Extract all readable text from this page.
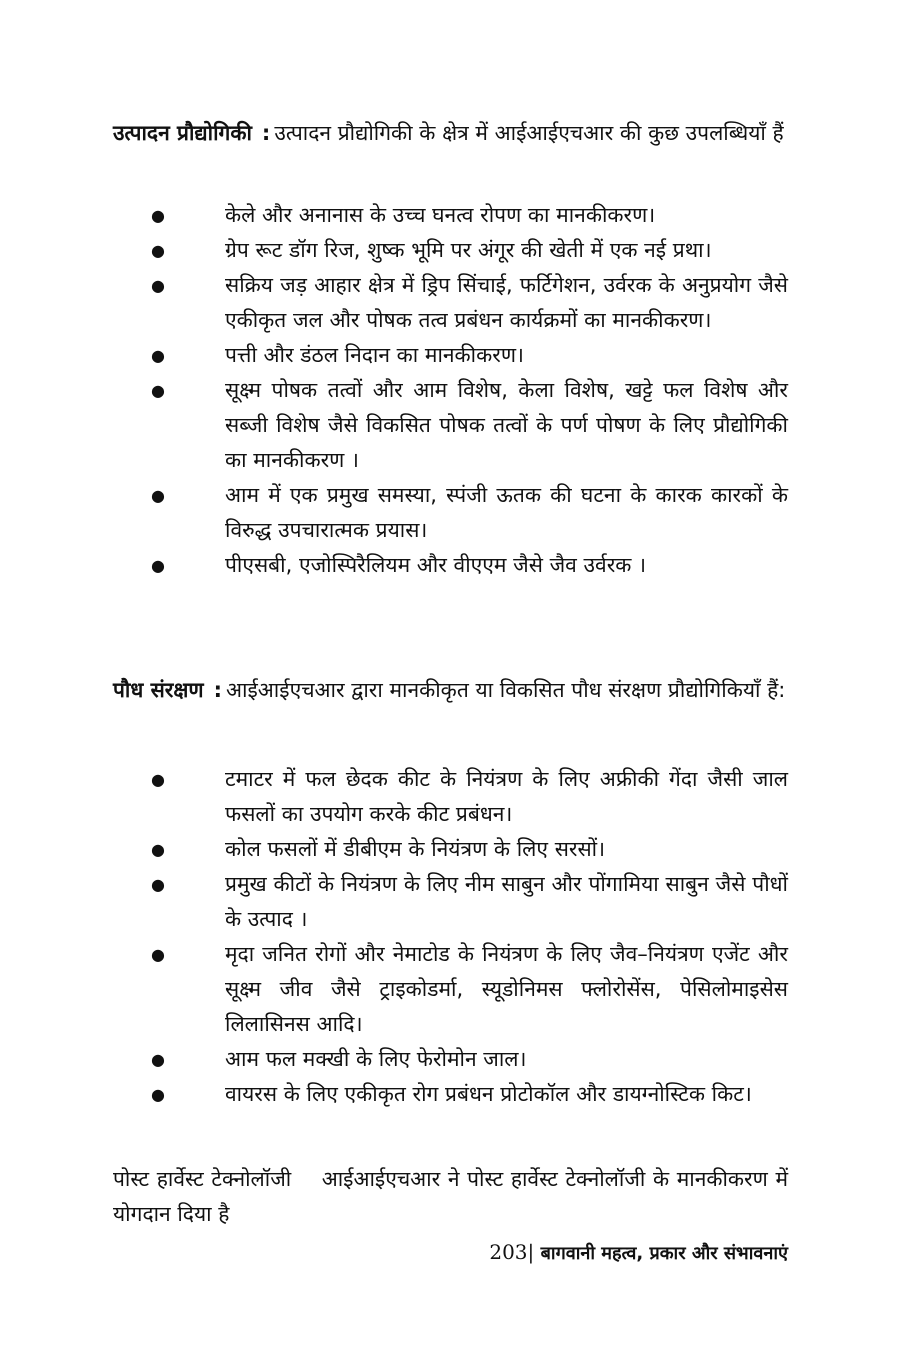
उत्पादन प्रौद्योगिकी : उत्पादन प्रौद्योगिकी के क्षेत्र में आईआईएचआर की कुछ उपलब्धियाँ हैं

●	केले और अनानास के उच्च घनत्व रोपण का मानकीकरण।
●	ग्रेप रूट डॉग रिज, शुष्क भूमि पर अंगूर की खेती में एक नई प्रथा।
●	सक्रिय जड़ आहार क्षेत्र में ड्रिप सिंचाई, फर्टिगेशन, उर्वरक के अनुप्रयोग जैसे एकीकृत जल और पोषक तत्व प्रबंधन कार्यक्रमों का मानकीकरण।
●	पत्ती और डंठल निदान का मानकीकरण।
●	सूक्ष्म पोषक तत्वों और आम विशेष, केला विशेष, खट्टे फल विशेष और सब्जी विशेष जैसे विकसित पोषक तत्वों के पर्ण पोषण के लिए प्रौद्योगिकी का मानकीकरण ।
●	आम में एक प्रमुख समस्या, स्पंजी ऊतक की घटना के कारक कारकों के विरुद्ध उपचारात्मक प्रयास।
●	पीएसबी, एजोस्पिरैलियम और वीएएम जैसे जैव उर्वरक ।

पौध संरक्षण : आईआईएचआर द्वारा मानकीकृत या विकसित पौध संरक्षण प्रौद्योगिकियाँ हैं:

●	टमाटर में फल छेदक कीट के नियंत्रण के लिए अफ्रीकी गेंदा जैसी जाल फसलों का उपयोग करके कीट प्रबंधन।
●	कोल फसलों में डीबीएम के नियंत्रण के लिए सरसों।
●	प्रमुख कीटों के नियंत्रण के लिए नीम साबुन और पोंगामिया साबुन जैसे पौधों के उत्पाद ।
●	मृदा जनित रोगों और नेमाटोड के नियंत्रण के लिए जैव–नियंत्रण एजेंट और सूक्ष्म जीव जैसे ट्राइकोडर्मा, स्यूडोनिमस फ्लोरोसेंस, पेसिलोमाइसेस लिलासिनस आदि।
●	आम फल मक्खी के लिए फेरोमोन जाल।
●	वायरस के लिए एकीकृत रोग प्रबंधन प्रोटोकॉल और डायग्नोस्टिक किट।

पोस्ट हार्वेस्ट टेक्नोलॉजी    आईआईएचआर ने पोस्ट हार्वेस्ट टेक्नोलॉजी के मानकीकरण में योगदान दिया है

203| बागवानी महत्व, प्रकार और संभावनाएं
